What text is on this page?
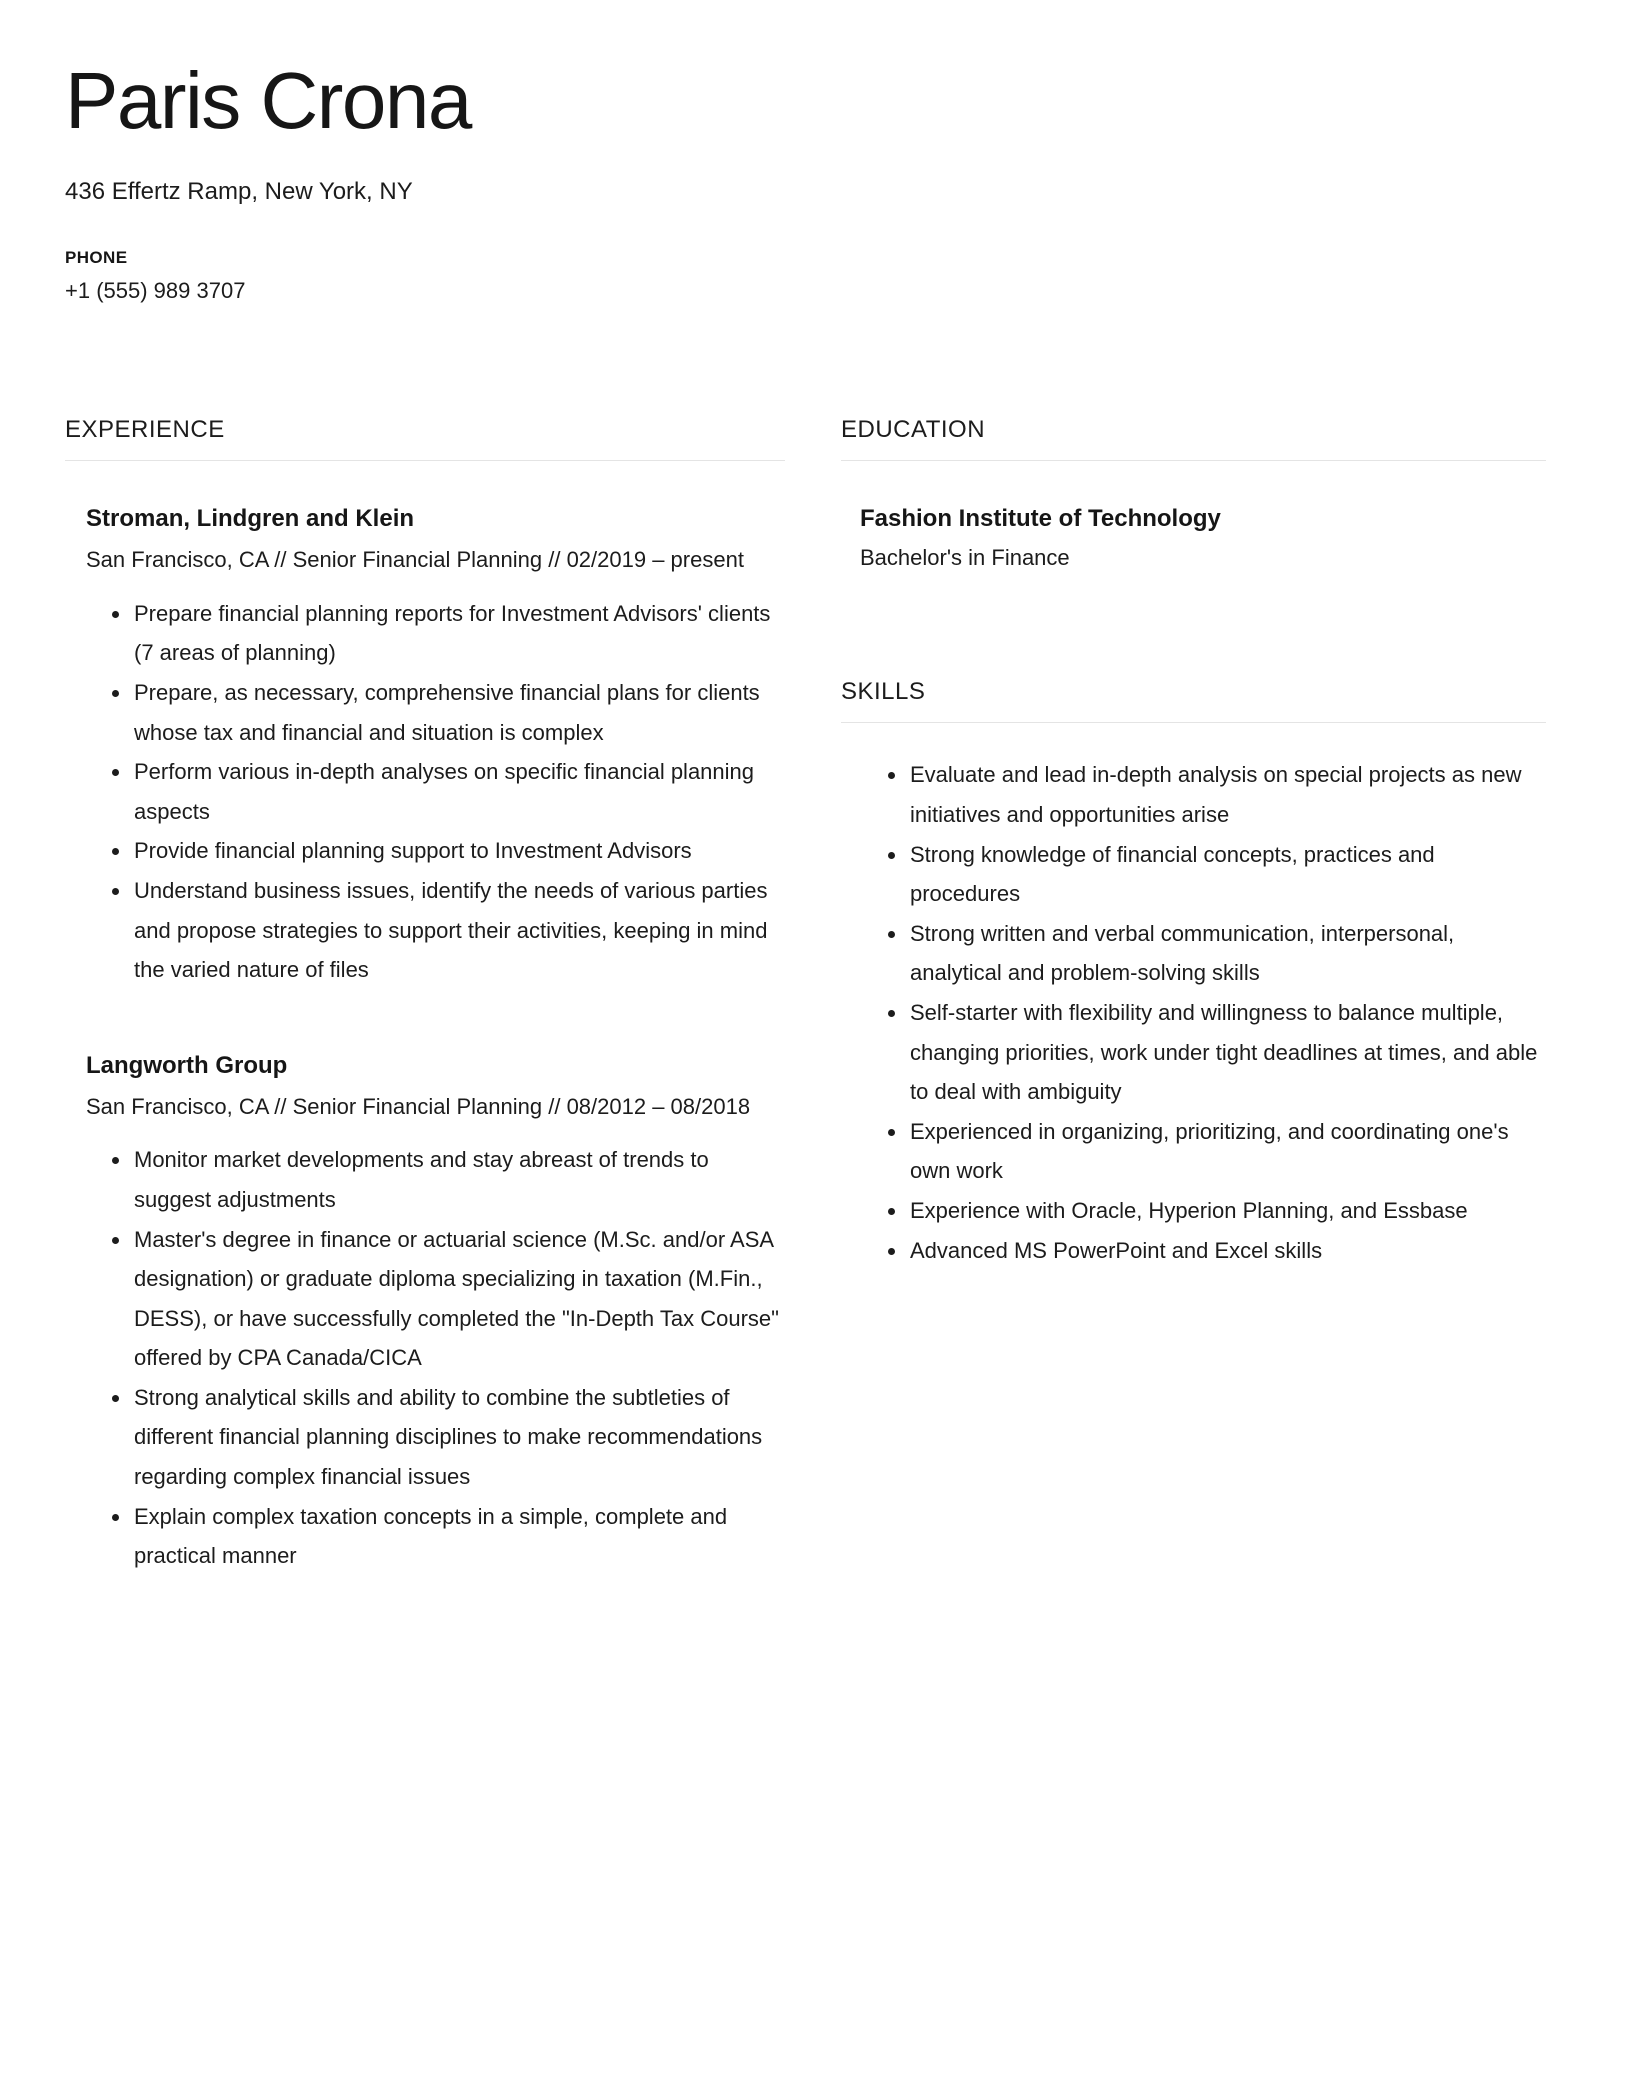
Paris Crona
436 Effertz Ramp, New York, NY
PHONE
+1 (555) 989 3707
EXPERIENCE
Stroman, Lindgren and Klein
San Francisco, CA // Senior Financial Planning // 02/2019 – present
• Prepare financial planning reports for Investment Advisors' clients (7 areas of planning)
• Prepare, as necessary, comprehensive financial plans for clients whose tax and financial and situation is complex
• Perform various in-depth analyses on specific financial planning aspects
• Provide financial planning support to Investment Advisors
• Understand business issues, identify the needs of various parties and propose strategies to support their activities, keeping in mind the varied nature of files
Langworth Group
San Francisco, CA // Senior Financial Planning // 08/2012 – 08/2018
• Monitor market developments and stay abreast of trends to suggest adjustments
• Master's degree in finance or actuarial science (M.Sc. and/or ASA designation) or graduate diploma specializing in taxation (M.Fin., DESS), or have successfully completed the "In-Depth Tax Course" offered by CPA Canada/CICA
• Strong analytical skills and ability to combine the subtleties of different financial planning disciplines to make recommendations regarding complex financial issues
• Explain complex taxation concepts in a simple, complete and practical manner
EDUCATION
Fashion Institute of Technology
Bachelor's in Finance
SKILLS
• Evaluate and lead in-depth analysis on special projects as new initiatives and opportunities arise
• Strong knowledge of financial concepts, practices and procedures
• Strong written and verbal communication, interpersonal, analytical and problem-solving skills
• Self-starter with flexibility and willingness to balance multiple, changing priorities, work under tight deadlines at times, and able to deal with ambiguity
• Experienced in organizing, prioritizing, and coordinating one's own work
• Experience with Oracle, Hyperion Planning, and Essbase
• Advanced MS PowerPoint and Excel skills
